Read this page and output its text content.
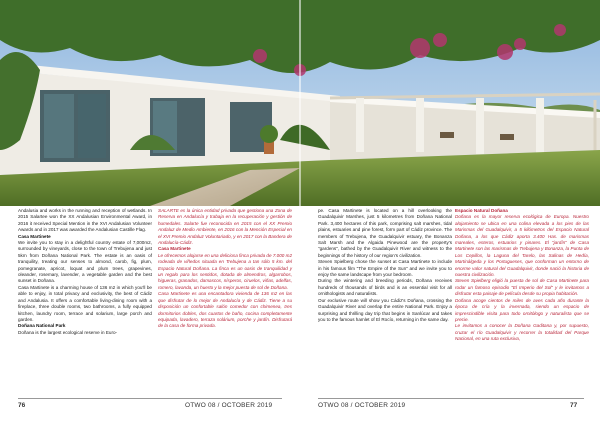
Andalusia and works in the running and reception of wetlands. In 2015 Salartee won the XX Andalusian Environmental Award, in 2016 it received Special Mention in the XVI Andalusian Volunteer Awards and in 2017 was awarded the Andalusian Castille Flag.

Casa Martinete

We invite you to stay in a delightful country estate of 7,000m2, surrounded by vineyards, close to the town of Trebujena and just 5km from Doñana National Park. The estate is an oasis of tranquility, treating our senses to almond, carob, fig, plum, pomegranate, apricot, loquat and plum trees, grapevines, oleander, rosemary, lavender, a vegetable garden and the best sunset in Doñana.

Casa Martinete is a charming house of 136 m2 in which you'll be able to enjoy, in total privacy and exclusivity, the best of Cádiz and Andalusia. It offers a comfortable living-dining room with a fireplace, three double rooms, two bathrooms, a fully equipped kitchen, laundry room, terrace and solarium, large porch and garden.

Doñana National Park

Doñana is the largest ecological reserve in Euro-

SALARTE es la única entidad privada que gestiona una Zona de Reserva en Andalucía y trabaja en la recuperación y gestión de humedales. Salarte fue reconocida en 2015 con el XX Premio Andaluz de Medio Ambiente, en 2016 con la Mención Especial en el XVI Premio Andaluz Voluntariado, y en 2017 con la Bandera de Andalucía-Cádiz.

Casa Martinete

Le ofrecemos alojarse en una deliciosa finca privada de 7.000 m2 rodeada de viñedos situada en Trebujena a tan sólo 5 km. del Espacio Natural Doñana. La finca es un oasis de tranquilidad y un regalo para los sentidos, dotada de almendros, algarrobos, higueras, granados, damascos, nísperos, ciruelos, viñas, adelfas, romero, lavanda, un huerto y la mejor puesta de sol de Doñana.

Casa Martinete es una encantadora vivienda de 136 m2 en las que disfrutar de lo mejor de Andalucía y de Cádiz. Tiene a su disposición un confortable salón comedor con chimenea, tres dormitorios dobles, dos cuartos de baño, cocina completamente equipada, lavadero, terraza solárium, porche y jardín. Disfrutará de la casa de forma privada.

pe. Casa Martinete is located on a hill overlooking the Guadalquivir Marshes, just 5 kilometres from Doñana National Park. 3,400 hectares of this park, comprising salt marshes, tidal plains, estuaries and pine forest, form part of Cádiz province. The members of Trebujena, the Guadalquivir estuary, the Bonanza Salt Marsh and the Algaida Pinewood are the property's "gardens", bathed by the Guadalquivir River and witness to the beginnings of the history of our region's civilization.

Steven Spielberg chose the sunset at Casa Martinete to include in his famous film "The Empire of the Sun" and we invite you to enjoy the same landscape from your bedroom.

During the wintering and breeding periods, Doñana receives hundreds of thousands of birds and is an essential visit for all ornithologists and naturalists.

Our exclusive route will show you Cádiz's Doñana, crossing the Guadalquivir River and overlap the entire National Park. Enjoy a surprising and thrilling day trip that begins in Sanlúcar and takes you to the famous hamlet of El Rocío, returning in the same day.

Espacio Natural Doñana

Doñana es la mayor reserva ecológica de Europa. Nuestro alojamiento se ubica en una colina elevada a los pies de las Marismas del Guadalquivir, a 5 kilómetros del Espacio Natural Doñana, a los que Cádiz aporta 3.400 Has. de marismas mareales, esteros, estuarios y pinares. El "jardín" de Casa Martinete son las marismas de Trebujena y Bonanza, la Punta de Los Cepillos, la Laguna del Tarelo, las Salinas de Hedía, Martinálgeda y los Portugueses, que conforman un entorno de enorme valor natural del Guadalquivir, donde nació la historia de nuestra civilización.

Steven Spielberg eligió la puesta de sol de Casa Martinete para rodar un famoso episodio "El Imperio del Sol" y le invitamos a disfrutar esta paisaje de película desde su propia habitación.

Doñana acoge cientos de miles de aves cada año durante la época de cría y la invernada, siendo un espacio de imprescindible visita para todo ornitólogo y naturalista que se precie.

Le invitamos a conocer la Doñana Gaditana y, por supuesto, cruzar el río Guadalquivir y recorrer la totalidad del Parque Nacional, en una ruta exclusiva,

76	OTWO 08 / OCTOBER 2019	OTWO 08 / OCTOBER 2019	77
